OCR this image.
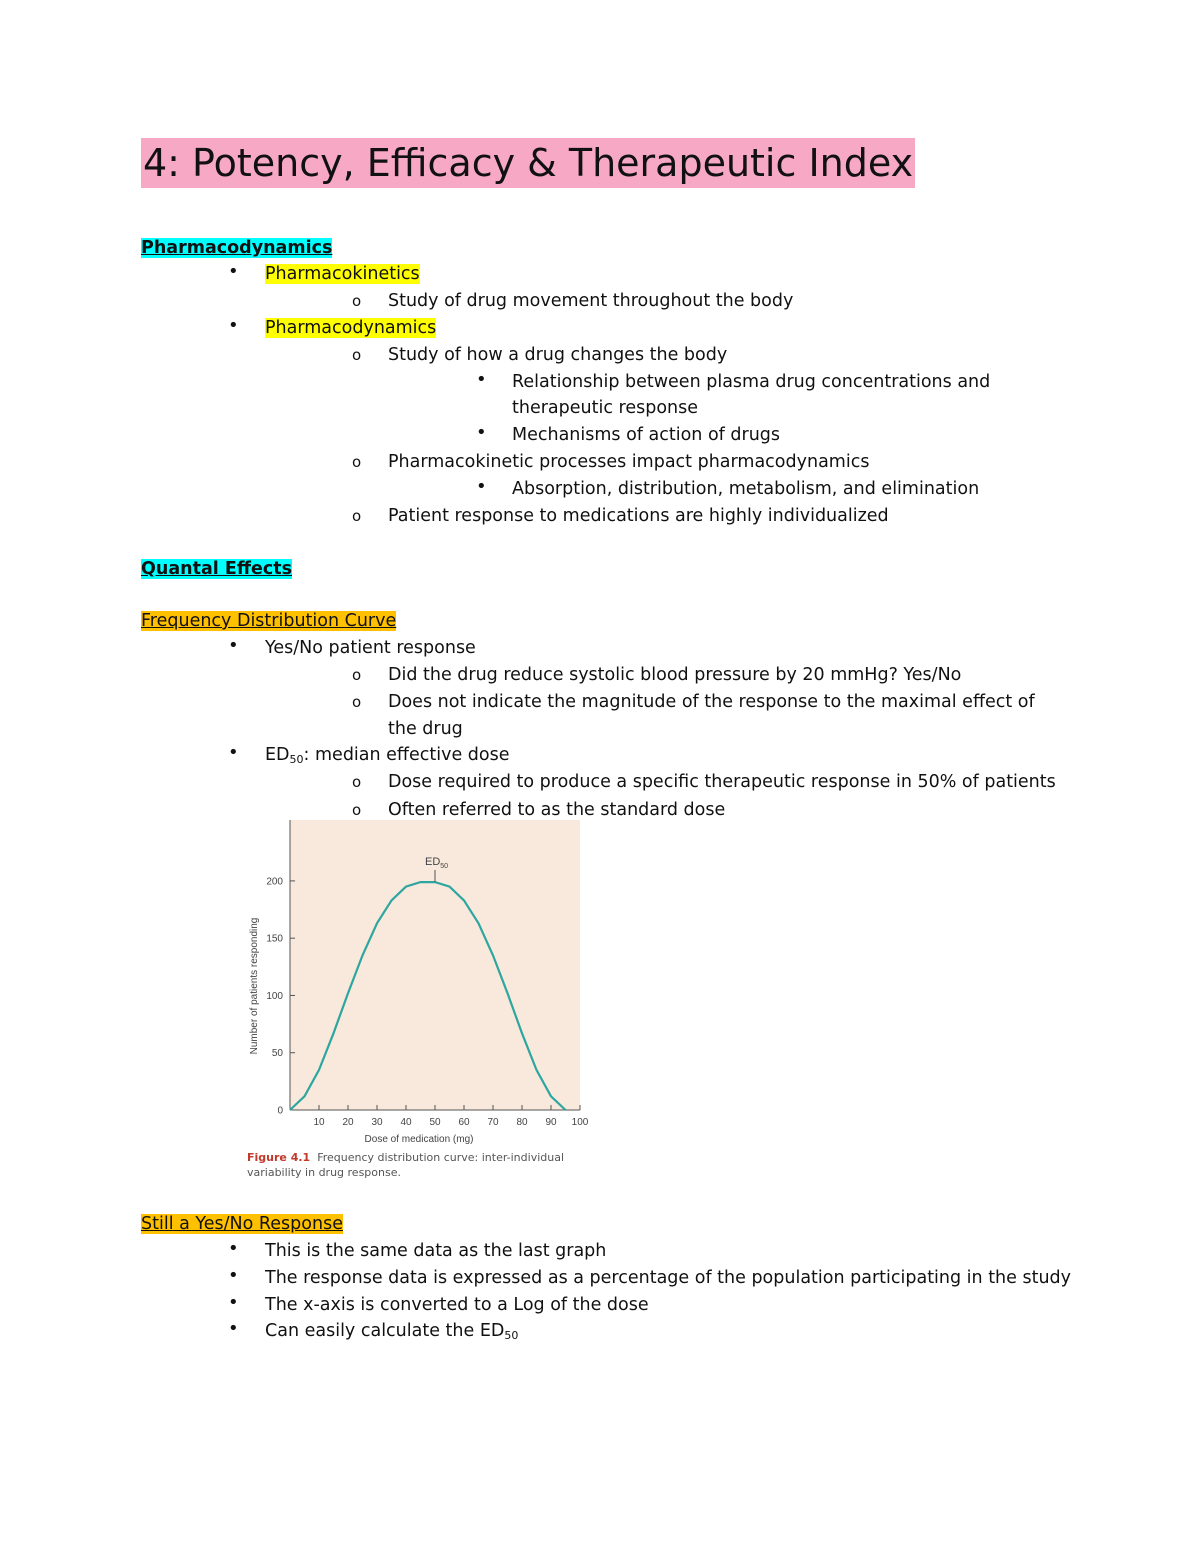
4: Potency, Efficacy & Therapeutic Index
Pharmacodynamics
• Pharmacokinetics
o Study of drug movement throughout the body
• Pharmacodynamics
o Study of how a drug changes the body
• Relationship between plasma drug concentrations and
therapeutic response
• Mechanisms of action of drugs
o Pharmacokinetic processes impact pharmacodynamics
• Absorption, distribution, metabolism, and elimination
o Patient response to medications are highly individualized
Quantal Effects
Frequency Distribution Curve
• Yes/No patient response
o Did the drug reduce systolic blood pressure by 20 mmHg? Yes/No
o Does not indicate the magnitude of the response to the maximal effect of
the drug
• $ED_{50}$: median effective dose
o Dose required to produce a specific therapeutic response in 50% of patients
o Often referred to as the standard dose
10 20 30 40 50 60 70 80 90 100
0
50
100
150
200
$ED_{50}$
Dose of medication (mg)
Number of patients responding
Figure 4.1 Frequency distribution curve: inter-individual
variability in drug response.
Still a Yes/No Response
• This is the same data as the last graph
• The response data is expressed as a percentage of the population participating in the study
• The x-axis is converted to a Log of the dose
• Can easily calculate the $ED_{50}$
